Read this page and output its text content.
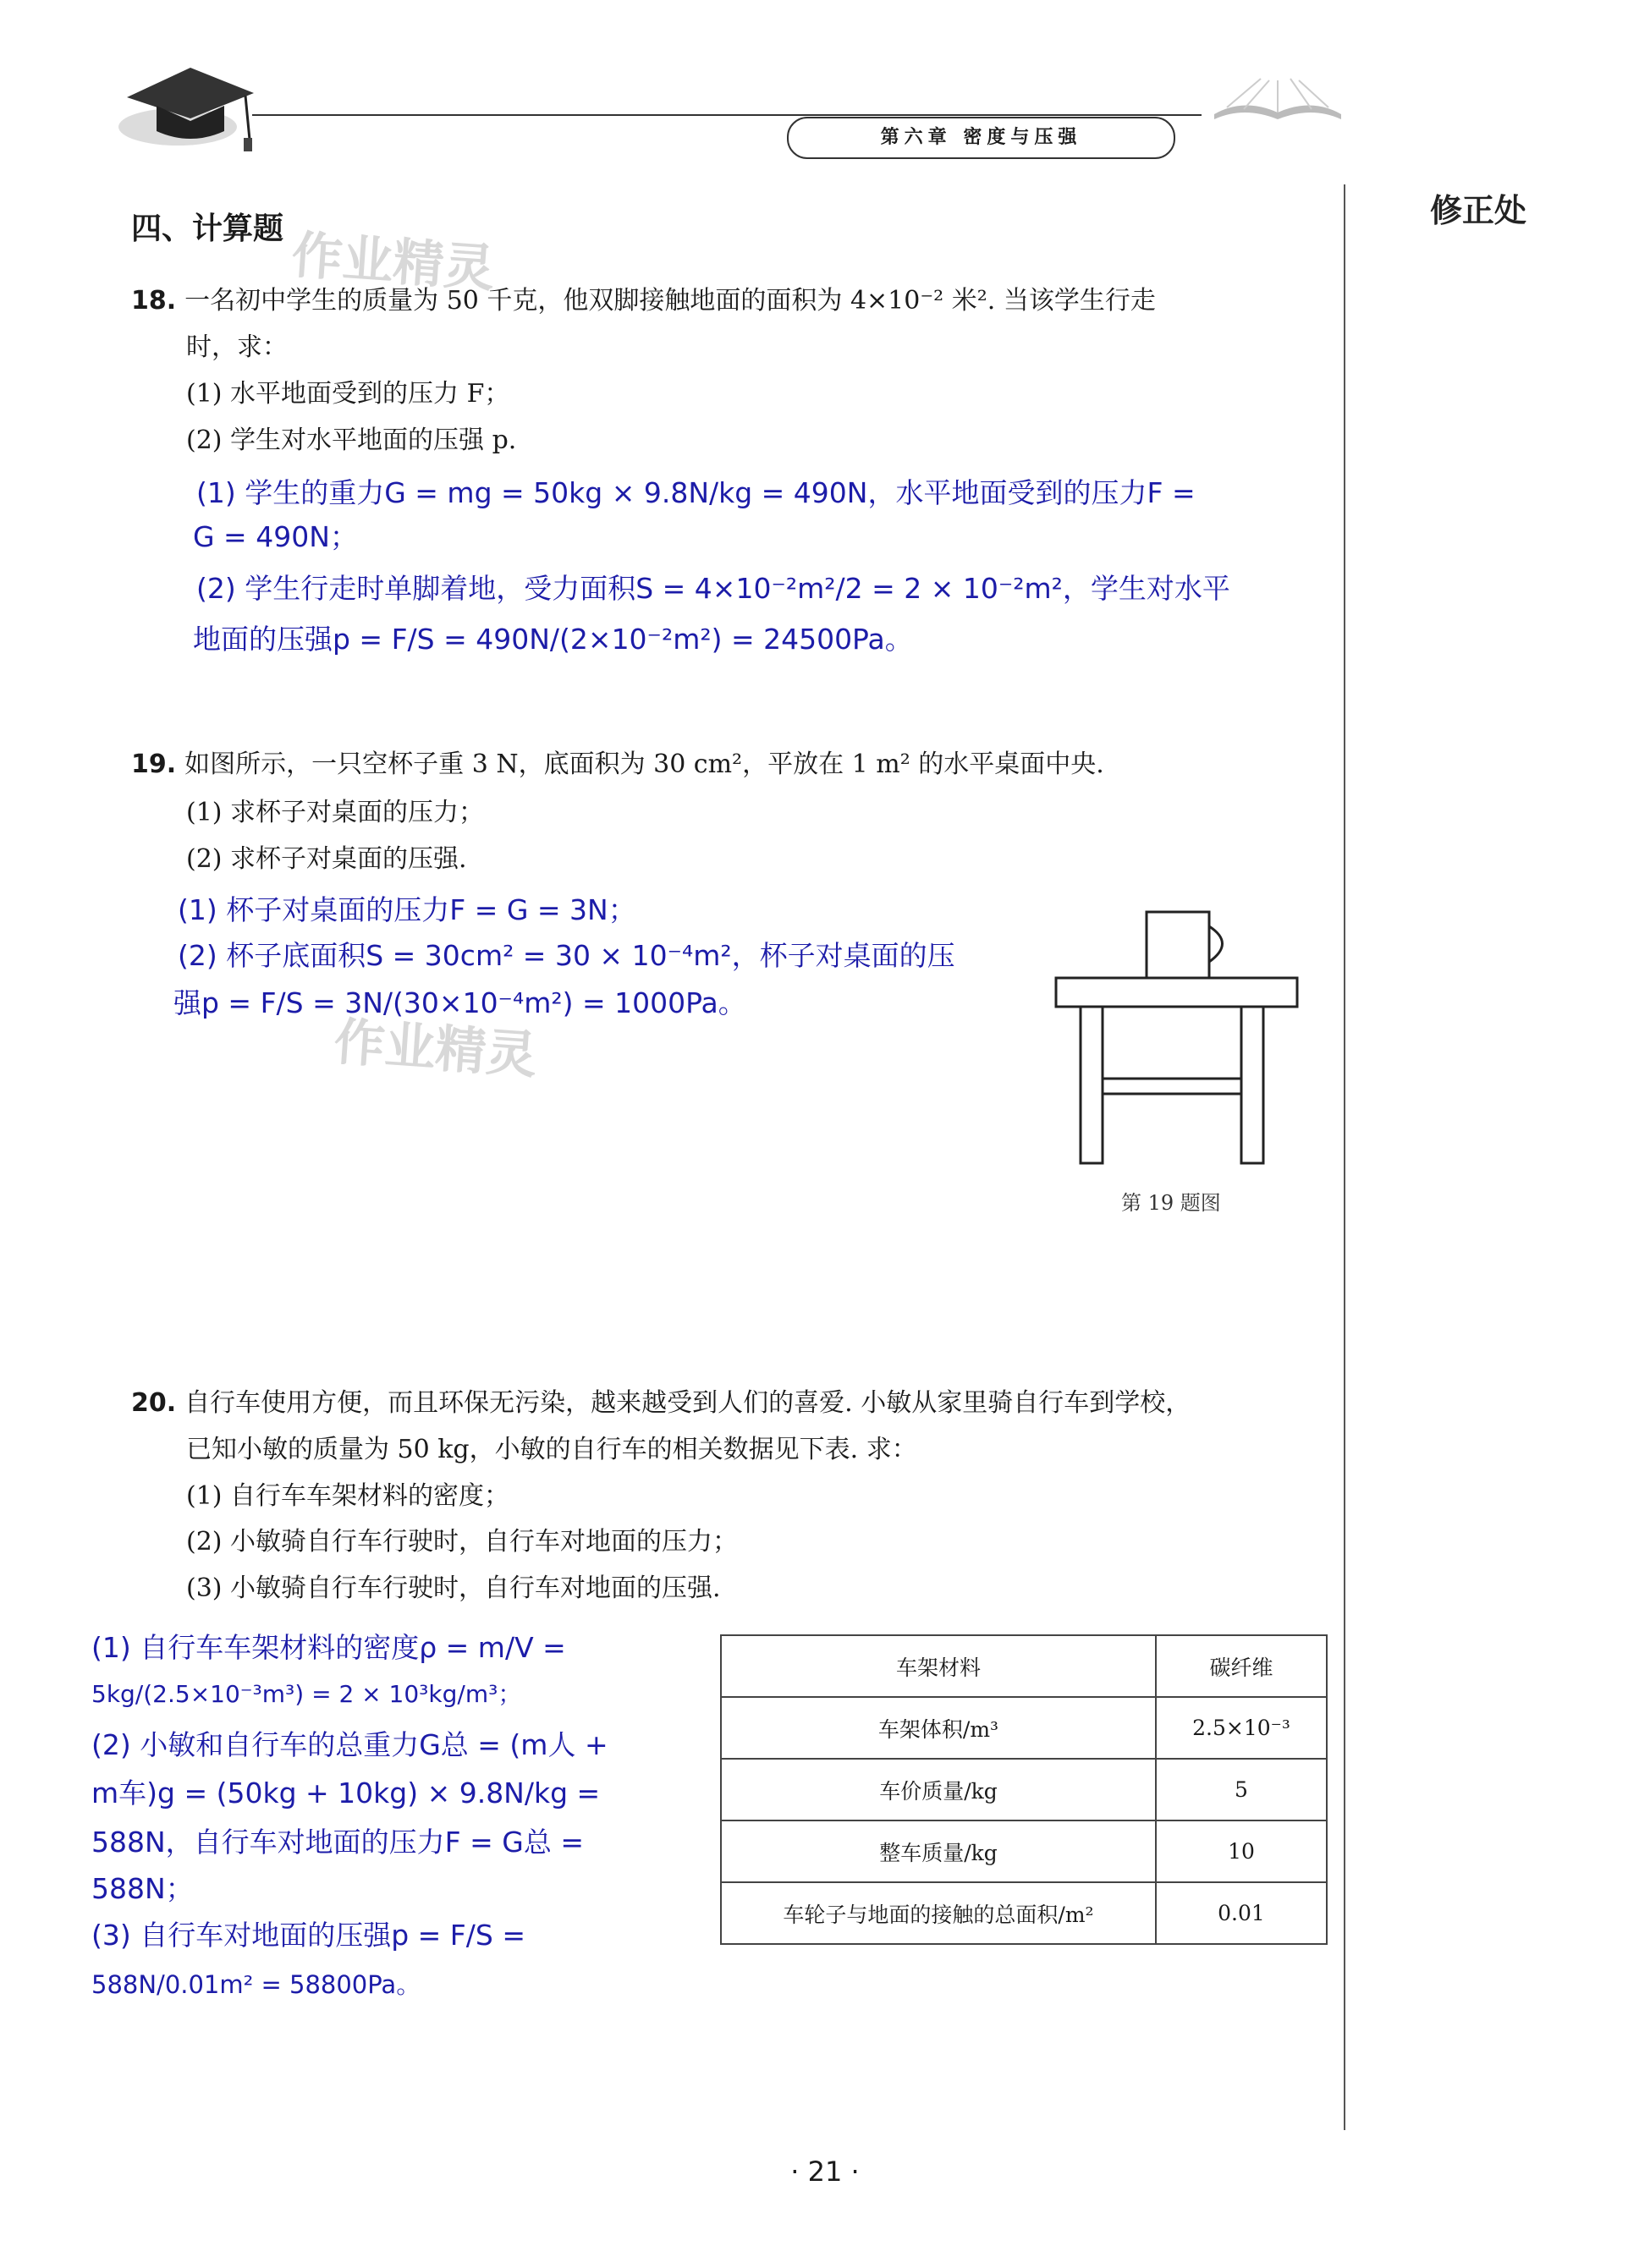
第六章 密度与压强
修正处
四、计算题 作业精灵
18. 一名初中学生的质量为 50 千克，他双脚接触地面的面积为 4×10⁻² 米². 当该学生行走
时，求：
(1) 水平地面受到的压力 F；
(2) 学生对水平地面的压强 p.
(1) 学生的重力G = mg = 50kg × 9.8N/kg = 490N，水平地面受到的压力F =
G = 490N；
(2) 学生行走时单脚着地，受力面积S = 4×10⁻²m²/2 = 2 × 10⁻²m²，学生对水平
地面的压强p = F/S = 490N/(2×10⁻²m²) = 24500Pa。
19. 如图所示，一只空杯子重 3 N，底面积为 30 cm²，平放在 1 m² 的水平桌面中央.
(1) 求杯子对桌面的压力；
(2) 求杯子对桌面的压强.
(1) 杯子对桌面的压力F = G = 3N；
(2) 杯子底面积S = 30cm² = 30 × 10⁻⁴m²，杯子对桌面的压
强p = F/S = 3N/(30×10⁻⁴m²) = 1000Pa。
作业精灵
第 19 题图
20. 自行车使用方便，而且环保无污染，越来越受到人们的喜爱. 小敏从家里骑自行车到学校，
已知小敏的质量为 50 kg，小敏的自行车的相关数据见下表. 求：
(1) 自行车车架材料的密度；
(2) 小敏骑自行车行驶时，自行车对地面的压力；
(3) 小敏骑自行车行驶时，自行车对地面的压强.
(1) 自行车车架材料的密度ρ = m/V =
5kg/(2.5×10⁻³m³) = 2 × 10³kg/m³；
(2) 小敏和自行车的总重力G总 = (m人 +
m车)g = (50kg + 10kg) × 9.8N/kg =
588N，自行车对地面的压力F = G总 =
588N；
(3) 自行车对地面的压强p = F/S =
588N/0.01m² = 58800Pa。
车架材料	碳纤维
车架体积/m³	2.5×10⁻³
车价质量/kg	5
整车质量/kg	10
车轮子与地面的接触的总面积/m²	0.01
· 21 ·
